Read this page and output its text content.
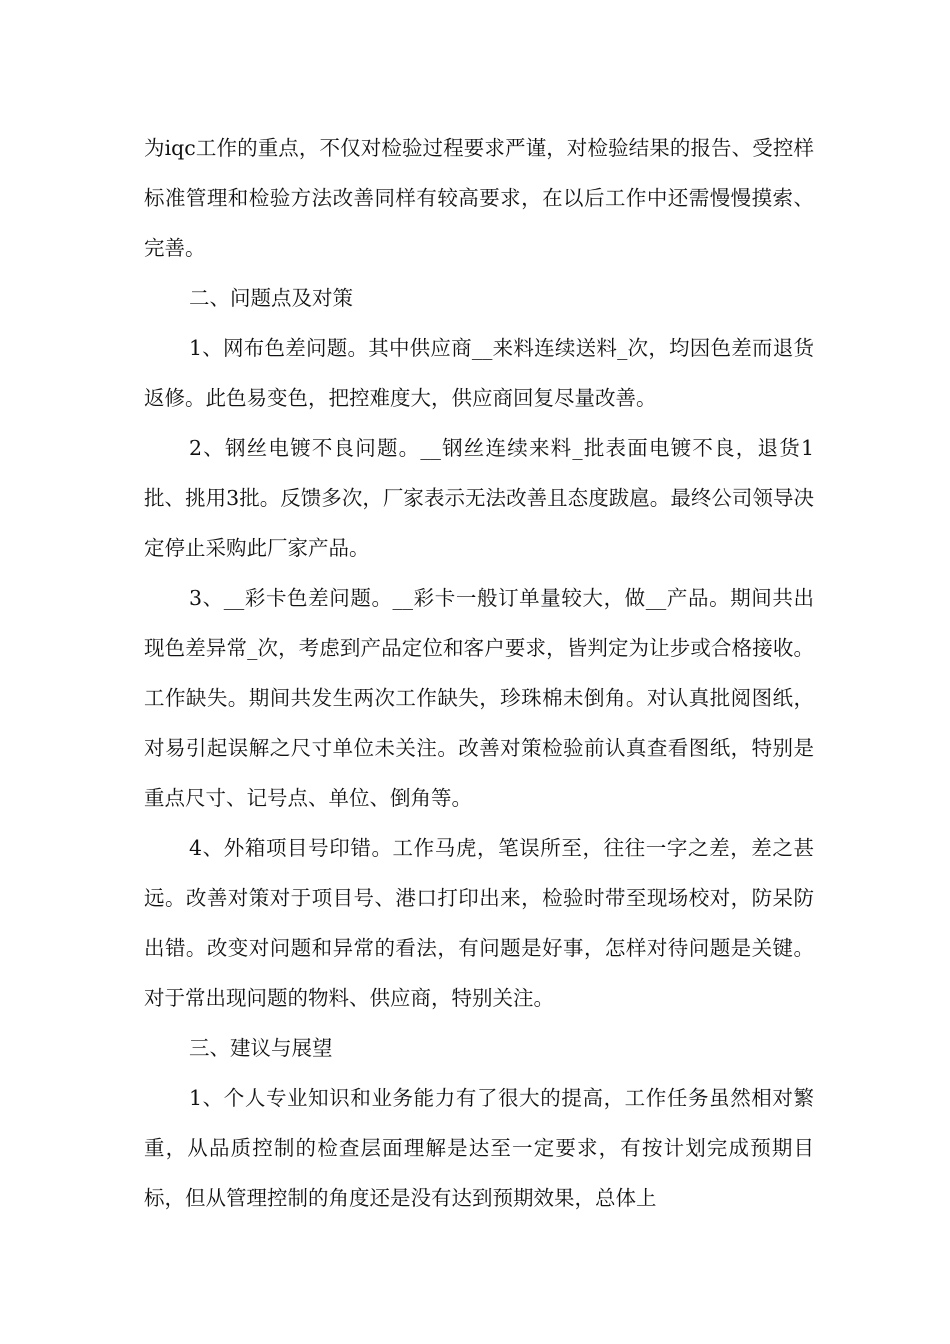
为iqc工作的重点，不仅对检验过程要求严谨，对检验结果的报告、受控样标准管理和检验方法改善同样有较高要求，在以后工作中还需慢慢摸索、完善。

二、问题点及对策

1、网布色差问题。其中供应商__来料连续送料_次，均因色差而退货返修。此色易变色，把控难度大，供应商回复尽量改善。

2、钢丝电镀不良问题。__钢丝连续来料_批表面电镀不良，退货1批、挑用3批。反馈多次，厂家表示无法改善且态度跋扈。最终公司领导决定停止采购此厂家产品。

3、__彩卡色差问题。__彩卡一般订单量较大，做__产品。期间共出现色差异常_次，考虑到产品定位和客户要求，皆判定为让步或合格接收。工作缺失。期间共发生两次工作缺失，珍珠棉未倒角。对认真批阅图纸，对易引起误解之尺寸单位未关注。改善对策检验前认真查看图纸，特别是重点尺寸、记号点、单位、倒角等。

4、外箱项目号印错。工作马虎，笔误所至，往往一字之差，差之甚远。改善对策对于项目号、港口打印出来，检验时带至现场校对，防呆防出错。改变对问题和异常的看法，有问题是好事，怎样对待问题是关键。对于常出现问题的物料、供应商，特别关注。

三、建议与展望

1、个人专业知识和业务能力有了很大的提高，工作任务虽然相对繁重，从品质控制的检查层面理解是达至一定要求，有按计划完成预期目标，但从管理控制的角度还是没有达到预期效果，总体上
